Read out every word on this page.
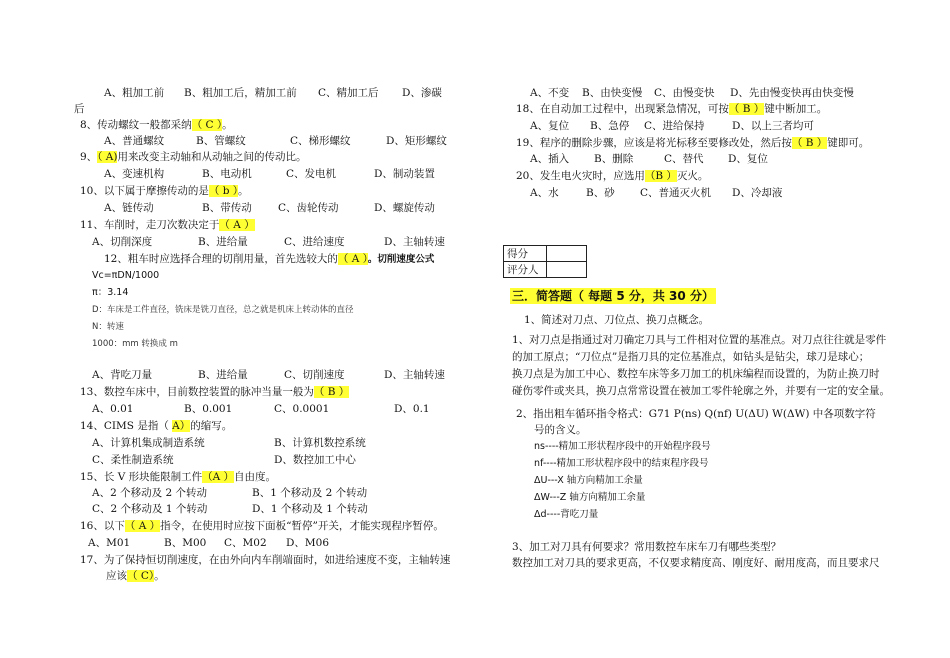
A、粗加工前 B、粗加工后，精加工前 C、精加工后 D、渗碳
后
8、传动螺纹一般都采纳（ C ）。
A、普通螺纹	B、管螺纹	C、梯形螺纹	D、矩形螺纹
9、（ A)用来改变主动轴和从动轴之间的传动比。
A、变速机构	B、电动机	C、发电机	D、制动装置
10、以下属于摩擦传动的是（ b ）。
A、链传动	B、带传动	C、齿轮传动	D、螺旋传动
11、车削时，走刀次数决定于（ A ）
A、切削深度	B、进给量	C、进给速度	D、主轴转速
12、粗车时应选择合理的切削用量，首先选较大的（ A ）。切削速度公式
Vc=πDN/1000
π：3.14
D：车床是工件直径，铣床是铣刀直径，总之就是机床上转动体的直径
N：转速
1000：mm 转换成 m
A、背吃刀量	B、进给量	C、切削速度	D、主轴转速
13、数控车床中，目前数控装置的脉冲当量一般为（ B ）
A、0.01	B、0.001	C、0.0001	D、0.1
14、CIMS 是指（ A）的缩写。
A、计算机集成制造系统	B、计算机数控系统
C、柔性制造系统	D、数控加工中心
15、长 V 形块能限制工件（A ）自由度。
A、2 个移动及 2 个转动	B、1 个移动及 2 个转动
C、2 个移动及 1 个转动	D、1 个移动及 1 个转动
16、以下（ A ）指令，在使用时应按下面板“暂停”开关，才能实现程序暂停。
A、M01	B、M00 C、M02 D、M06
17、为了保持恒切削速度，在由外向内车削端面时，如进给速度不变，主轴转速
应该（ C）。
A、不变 B、由快变慢 C、由慢变快 D、先由慢变快再由快变慢
18、在自动加工过程中，出现紧急情况，可按（ B ）键中断加工。
A、复位 B、急停 C、进给保持	D、以上三者均可
19、程序的删除步骤，应该是将光标移至要修改处，然后按（ B ）键即可。
A、插入 B、删除	C、替代 D、复位
20、发生电火灾时，应选用（B ）灭火。
A、水	B、砂 C、普通灭火机 D、冷却液
得分	
评分人	
三．简答题（ 每题 5 分，共 30 分）
1、简述对刀点、刀位点、换刀点概念。
1、对刀点是指通过对刀确定刀具与工件相对位置的基准点。对刀点往往就是零件
的加工原点；“刀位点”是指刀具的定位基准点，如钻头是钻尖，球刀是球心；
换刀点是为加工中心、数控车床等多刀加工的机床编程而设置的，为防止换刀时
碰伤零件或夹具，换刀点常常设置在被加工零件轮廓之外，并要有一定的安全量。
2、指出粗车循环指令格式：G71 P(ns) Q(nf) U(ΔU) W(ΔW) 中各项数字符
号的含义。
ns----精加工形状程序段中的开始程序段号
nf----精加工形状程序段中的结束程序段号
ΔU---X 轴方向精加工余量
ΔW---Z 轴方向精加工余量
Δd----背吃刀量
3、加工对刀具有何要求？常用数控车床车刀有哪些类型？
数控加工对刀具的要求更高，不仅要求精度高、刚度好、耐用度高，而且要求尺
